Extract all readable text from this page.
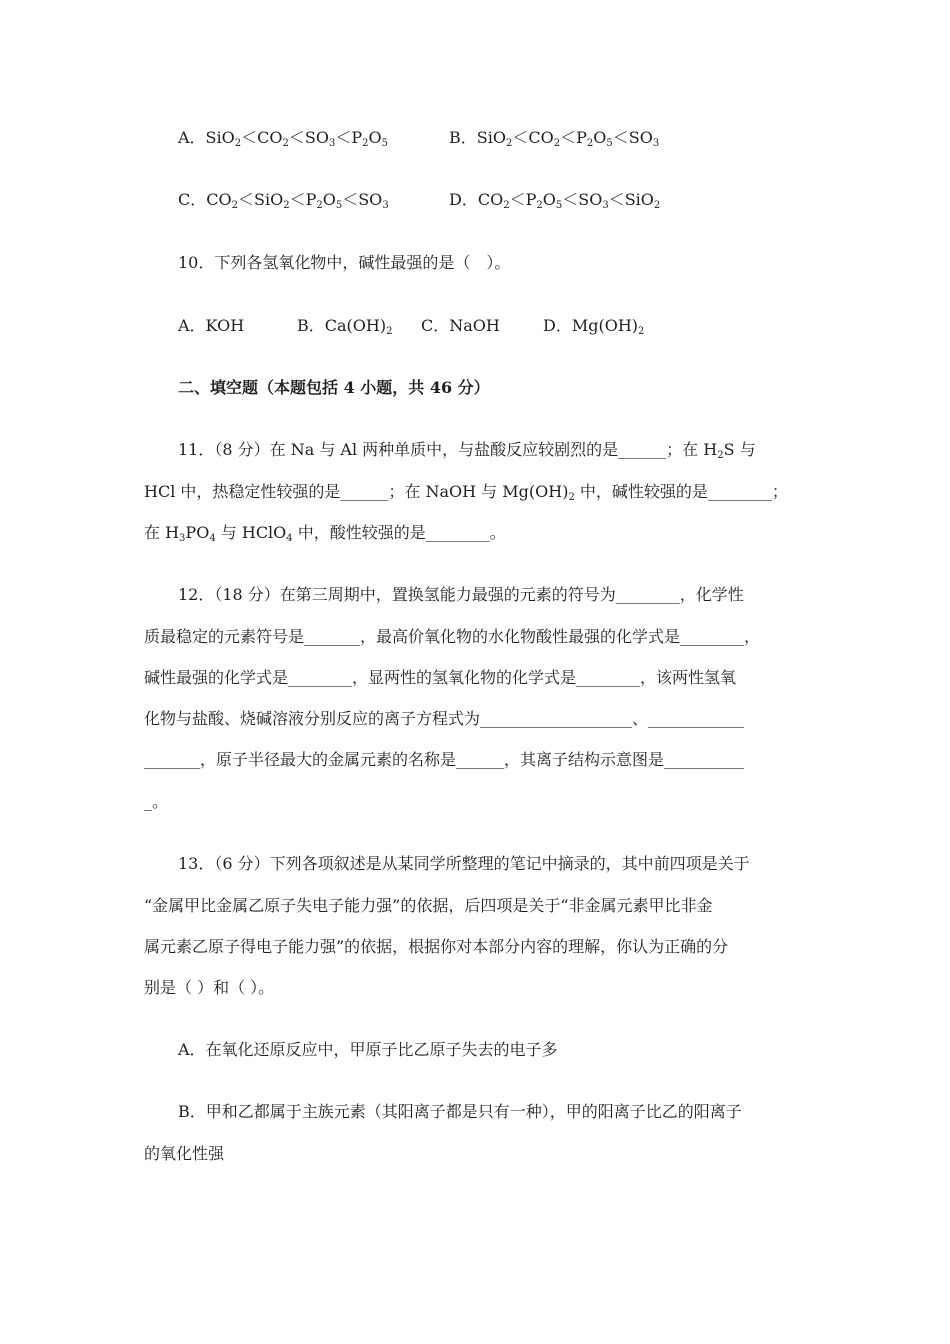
A．$SiO_2<CO_2<SO_3<P_2O_5$	B．$SiO_2<CO_2<P_2O_5<SO_3$
C．$CO_2<SiO_2<P_2O_5<SO_3$	D．$CO_2<P_2O_5<SO_3<SiO_2$
10．下列各氢氧化物中，碱性最强的是（　）。
A．KOH	B．$Ca(OH)_2$ C．NaOH	D．$Mg(OH)_2$
二、填空题（本题包括 4 小题，共 46 分）
11．（8 分）在 Na 与 Al 两种单质中，与盐酸反应较剧烈的是______；在 $H_2S$ 与
HCl 中，热稳定性较强的是______；在 NaOH 与 $Mg(OH)_2$ 中，碱性较强的是________；
在 $H_3PO_4$ 与 HClO$_4$ 中，酸性较强的是________。
12．（18 分）在第三周期中，置换氢能力最强的元素的符号为________，化学性
质最稳定的元素符号是_______，最高价氧化物的水化物酸性最强的化学式是________，
碱性最强的化学式是________，显两性的氢氧化物的化学式是________，该两性氢氧
化物与盐酸、烧碱溶液分别反应的离子方程式为___________________、____________
_______，原子半径最大的金属元素的名称是______，其离子结构示意图是__________
_。
13．（6 分）下列各项叙述是从某同学所整理的笔记中摘录的，其中前四项是关于
“金属甲比金属乙原子失电子能力强”的依据，后四项是关于“非金属元素甲比非金
属元素乙原子得电子能力强”的依据，根据你对本部分内容的理解，你认为正确的分
别是（ ）和（ ）。
A．在氧化还原反应中，甲原子比乙原子失去的电子多
B．甲和乙都属于主族元素（其阳离子都是只有一种），甲的阳离子比乙的阳离子
的氧化性强
